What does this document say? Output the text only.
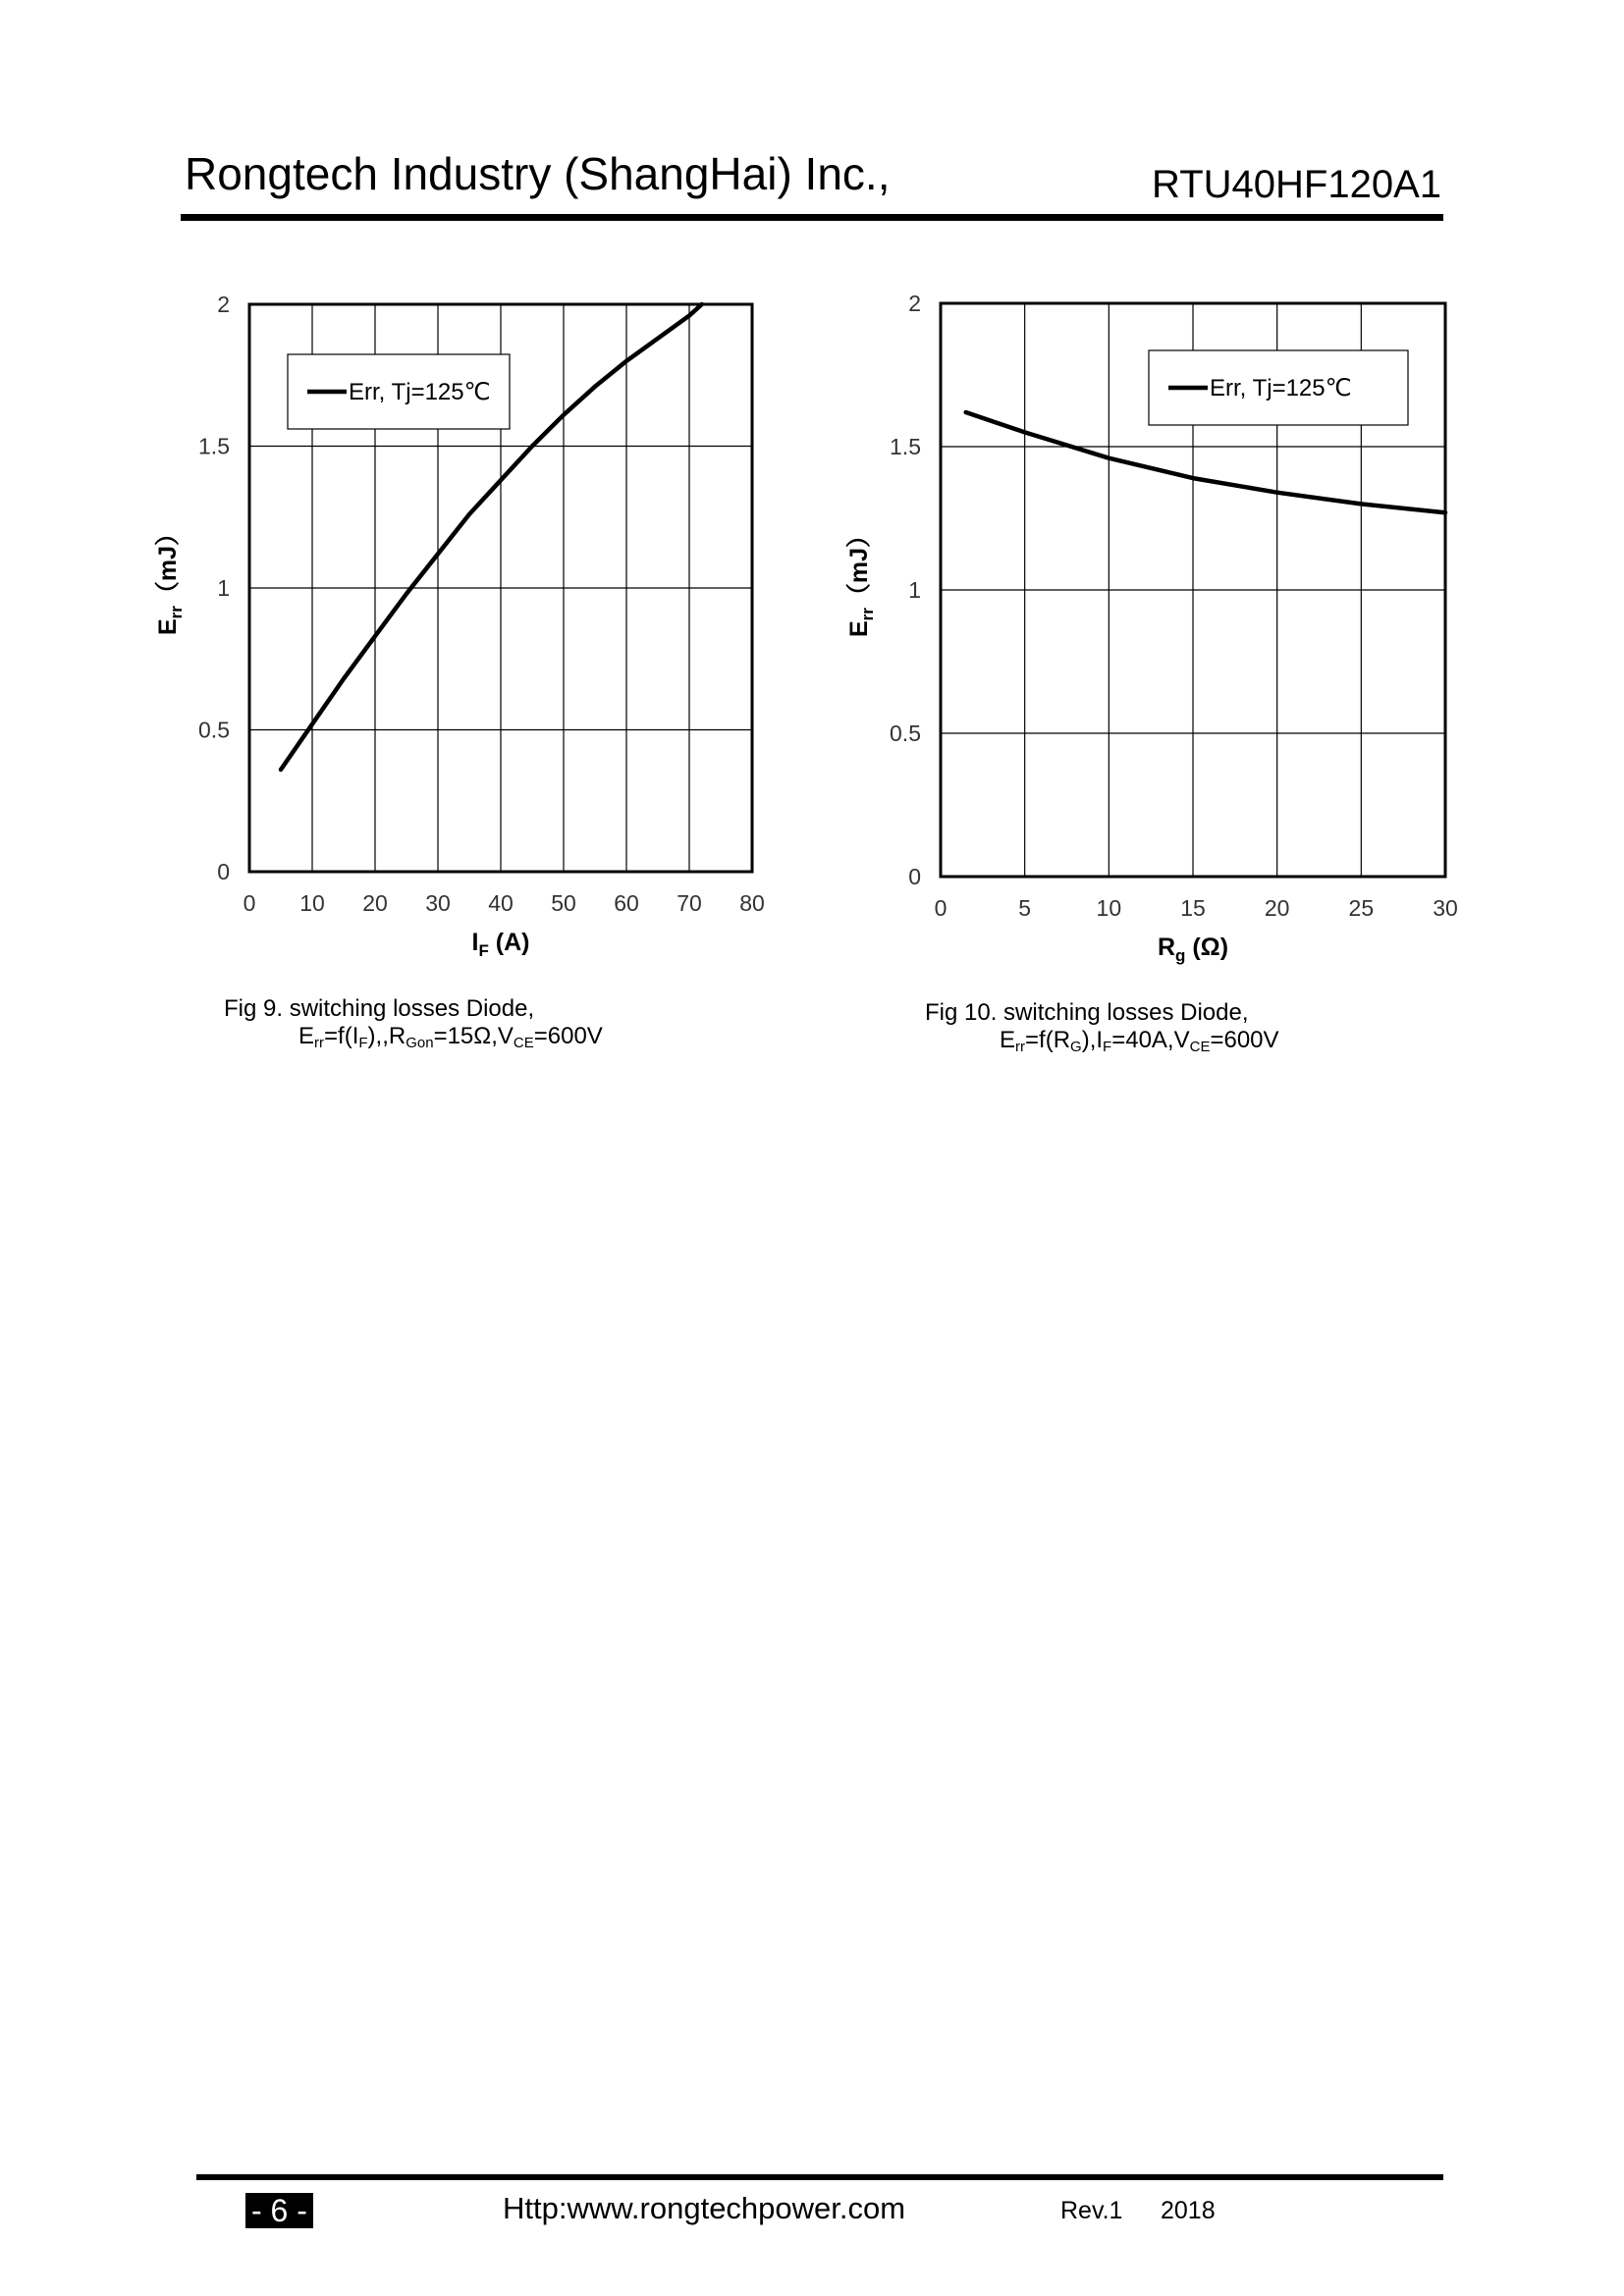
Rongtech Industry (ShangHai) Inc.,	RTU40HF120A1
0 10 20 30 40 50 60 70 80
0
0.5
1
1.5
2
$I_F$ (A)
$E_{rr}(mJ)$
Err, Tj=125℃
0	5	10	15	20	25	30
0
0.5
1
1.5
2
$R_g$ (Ω)
$E_{rr}(mJ)$
Err, Tj=125℃
Fig 9. switching losses Diode,
$E_{rr}=f(I_F),,R_{Gon}=15\Omega,V_{CE}=600V$
Fig 10. switching losses Diode,
$E_{rr}=f(R_G),I_F=40A,V_{CE}=600V$
- 6 -	Http:www.rongtechpower.com	Rev.1 2018
